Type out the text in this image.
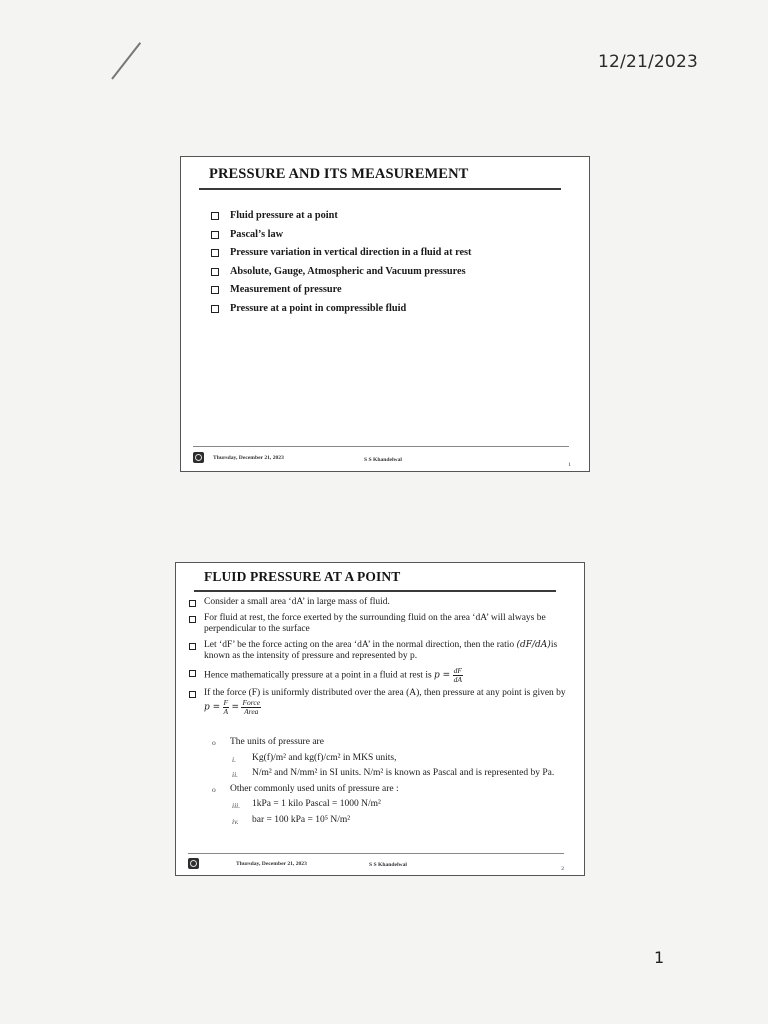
12/21/2023
PRESSURE AND ITS MEASUREMENT
Fluid pressure at a point
Pascal’s law
Pressure variation in vertical direction in a fluid at rest
Absolute, Gauge, Atmospheric and Vacuum pressures
Measurement of pressure
Pressure at a point in compressible fluid
Thursday, December 21, 2023	S S Khandelwal
1
FLUID PRESSURE AT A POINT
Consider a small area ‘dA’ in large mass of fluid.
For fluid at rest, the force exerted by the surrounding fluid on the area ‘dA’ will always be perpendicular to the surface
Let ‘dF’ be the force acting on the area ‘dA’ in the normal direction, then the ratio (dF/dA)is known as the intensity of pressure and represented by p.
Hence mathematically pressure at a point in a fluid at rest is $p = \frac{dF}{dA}$
If the force (F) is uniformly distributed over the area (A), then pressure at any point is given by $p = \frac{F}{A} = \frac{\text{Force}}{\text{Area}}$
o The units of pressure are
i. Kg(f)/m² and kg(f)/cm² in MKS units,
ii. N/m² and N/mm² in SI units. N/m² is known as Pascal and is represented by Pa.
o Other commonly used units of pressure are :
iii. 1kPa = 1 kilo Pascal = 1000 N/m²
iv. bar = 100 kPa = 10⁵ N/m²
Thursday, December 21, 2023	S S Khandelwal
2
1
